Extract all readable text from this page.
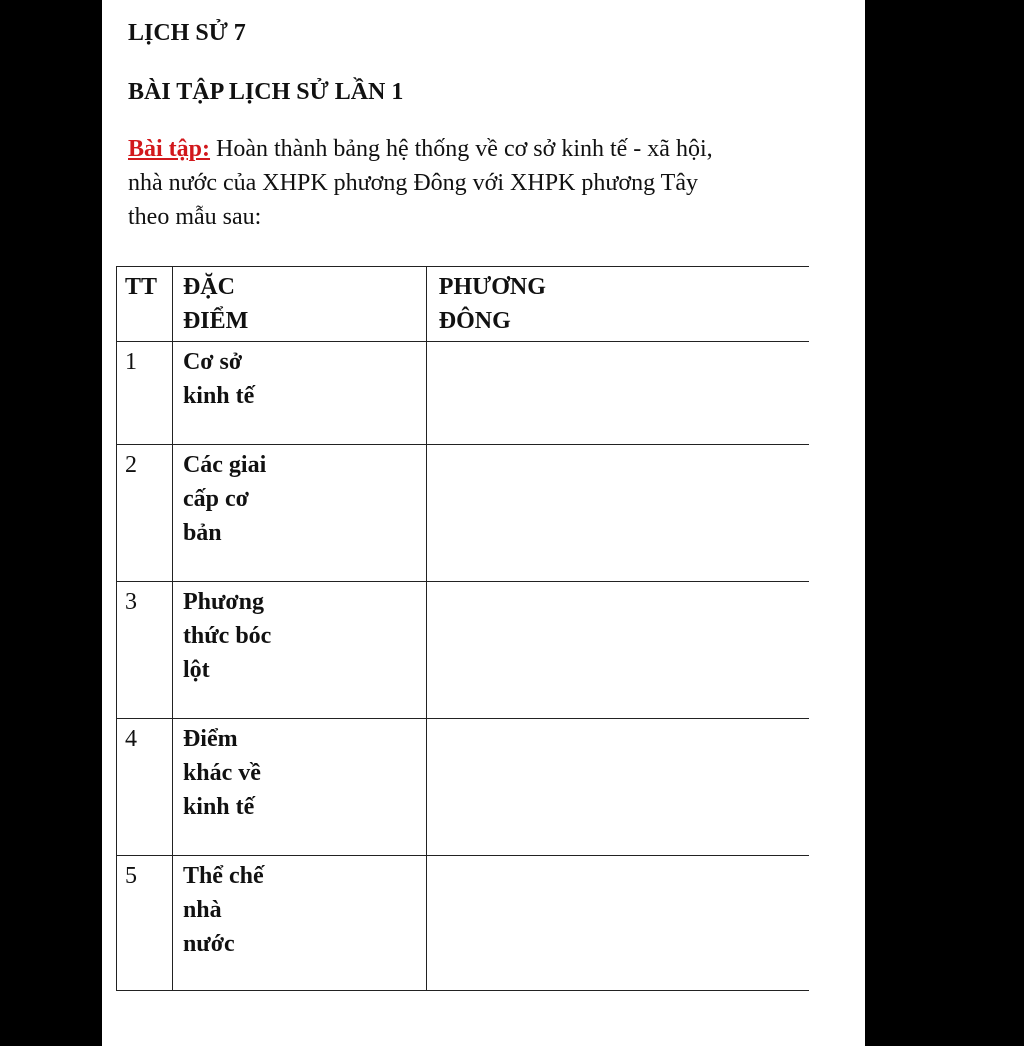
LỊCH SỬ 7

BÀI TẬP LỊCH SỬ LẦN 1

Bài tập: Hoàn thành bảng hệ thống về cơ sở kinh tế - xã hội, nhà nước của XHPK phương Đông với XHPK phương Tây theo mẫu sau:

TT	ĐẶC ĐIỂM	PHƯƠNG ĐÔNG

1	Cơ sở kinh tế	

2	Các giai cấp cơ bản	

3	Phương thức bóc lột	

4	Điểm khác về kinh tế	

5	Thể chế nhà nước	
